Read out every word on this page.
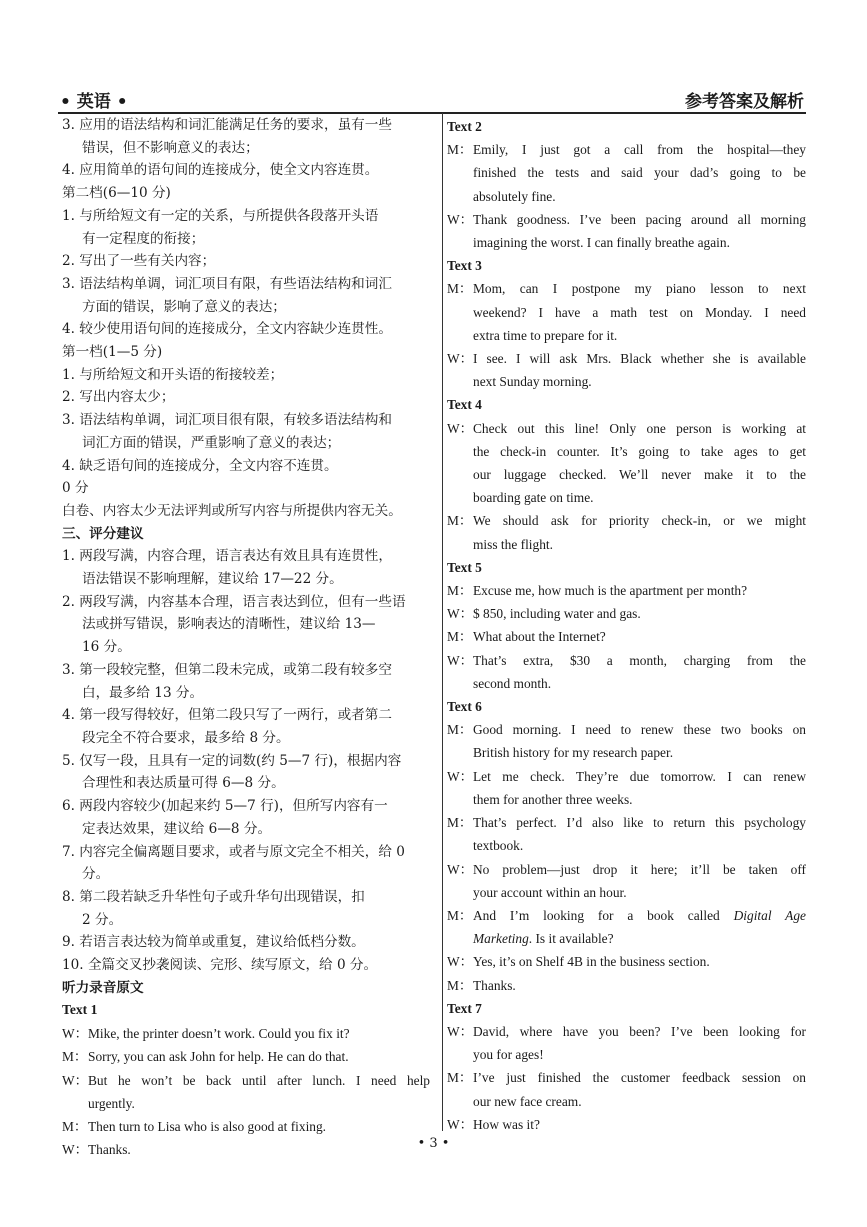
• 英语 •	参考答案及解析
3. 应用的语法结构和词汇能满足任务的要求，虽有一些
错误，但不影响意义的表达；
4. 应用简单的语句间的连接成分，使全文内容连贯。
第二档(6—10 分)
1. 与所给短文有一定的关系，与所提供各段落开头语
有一定程度的衔接；
2. 写出了一些有关内容；
3. 语法结构单调，词汇项目有限，有些语法结构和词汇
方面的错误，影响了意义的表达；
4. 较少使用语句间的连接成分，全文内容缺少连贯性。
第一档(1—5 分)
1. 与所给短文和开头语的衔接较差；
2. 写出内容太少；
3. 语法结构单调，词汇项目很有限，有较多语法结构和
词汇方面的错误，严重影响了意义的表达；
4. 缺乏语句间的连接成分，全文内容不连贯。
0 分
白卷、内容太少无法评判或所写内容与所提供内容无关。
三、评分建议
1. 两段写满，内容合理，语言表达有效且具有连贯性，
语法错误不影响理解，建议给 17—22 分。
2. 两段写满，内容基本合理，语言表达到位，但有一些语
法或拼写错误，影响表达的清晰性，建议给 13—
16 分。
3. 第一段较完整，但第二段未完成，或第二段有较多空
白，最多给 13 分。
4. 第一段写得较好，但第二段只写了一两行，或者第二
段完全不符合要求，最多给 8 分。
5. 仅写一段，且具有一定的词数(约 5—7 行)，根据内容
合理性和表达质量可得 6—8 分。
6. 两段内容较少(加起来约 5—7 行)，但所写内容有一
定表达效果，建议给 6—8 分。
7. 内容完全偏离题目要求，或者与原文完全不相关，给 0
分。
8. 第二段若缺乏升华性句子或升华句出现错误，扣
2 分。
9. 若语言表达较为简单或重复，建议给低档分数。
10. 全篇交叉抄袭阅读、完形、续写原文，给 0 分。
听力录音原文
Text 1
W： Mike, the printer doesn’t work. Could you fix it?
M： Sorry, you can ask John for help. He can do that.
W： But he won’t be back until after lunch. I need help
urgently.
M： Then turn to Lisa who is also good at fixing.
W： Thanks.
Text 2
M： Emily, I just got a call from the hospital—they
finished the tests and said your dad’s going to be
absolutely fine.
W： Thank goodness. I’ve been pacing around all morning
imagining the worst. I can finally breathe again.
Text 3
M： Mom, can I postpone my piano lesson to next
weekend? I have a math test on Monday. I need
extra time to prepare for it.
W： I see. I will ask Mrs. Black whether she is available
next Sunday morning.
Text 4
W： Check out this line! Only one person is working at
the check-in counter. It’s going to take ages to get
our luggage checked. We’ll never make it to the
boarding gate on time.
M： We should ask for priority check-in, or we might
miss the flight.
Text 5
M： Excuse me, how much is the apartment per month?
W： $ 850, including water and gas.
M： What about the Internet?
W： That’s extra, $30 a month, charging from the
second month.
Text 6
M： Good morning. I need to renew these two books on
British history for my research paper.
W： Let me check. They’re due tomorrow. I can renew
them for another three weeks.
M： That’s perfect. I’d also like to return this psychology
textbook.
W： No problem—just drop it here; it’ll be taken off
your account within an hour.
M： And I’m looking for a book called Digital Age
Marketing. Is it available?
W： Yes, it’s on Shelf 4B in the business section.
M： Thanks.
Text 7
W： David, where have you been? I’ve been looking for
you for ages!
M： I’ve just finished the customer feedback session on
our new face cream.
W： How was it?
• 3 •
